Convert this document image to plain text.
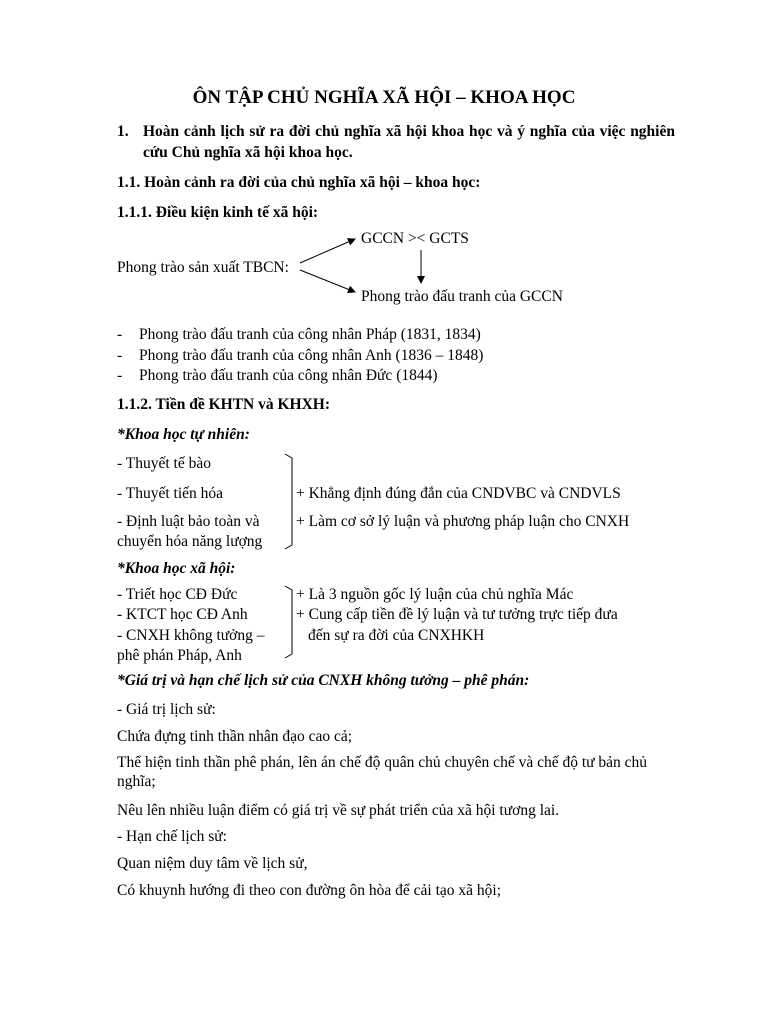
ÔN TẬP CHỦ NGHĨA XÃ HỘI – KHOA HỌC
1. Hoàn cảnh lịch sử ra đời chủ nghĩa xã hội khoa học và ý nghĩa của việc nghiên cứu Chủ nghĩa xã hội khoa học.
1.1. Hoàn cảnh ra đời của chủ nghĩa xã hội – khoa học:
1.1.1. Điều kiện kinh tế xã hội:
GCCN >< GCTS
Phong trào sản xuất TBCN:
Phong trào đấu tranh của GCCN
- Phong trào đấu tranh của công nhân Pháp (1831, 1834)
- Phong trào đấu tranh của công nhân Anh (1836 – 1848)
- Phong trào đấu tranh của công nhân Đức (1844)
1.1.2. Tiền đề KHTN và KHXH:
*Khoa học tự nhiên:
- Thuyết tế bào
- Thuyết tiến hóa
- Định luật bảo toàn và
chuyển hóa năng lượng
+ Khẳng định đúng đắn của CNDVBC và CNDVLS
+ Làm cơ sở lý luận và phương pháp luận cho CNXH
*Khoa học xã hội:
- Triết học CĐ Đức
- KTCT học CĐ Anh
- CNXH không tưởng –
phê phán Pháp, Anh
+ Là 3 nguồn gốc lý luận của chủ nghĩa Mác
+ Cung cấp tiền đề lý luận và tư tưởng trực tiếp đưa
đến sự ra đời của CNXHKH
*Giá trị và hạn chế lịch sử của CNXH không tưởng – phê phán:
- Giá trị lịch sử:
Chứa đựng tinh thần nhân đạo cao cả;
Thể hiện tinh thần phê phán, lên án chế độ quân chủ chuyên chế và chế độ tư bản chủ nghĩa;
Nêu lên nhiều luận điểm có giá trị về sự phát triển của xã hội tương lai.
- Hạn chế lịch sử:
Quan niệm duy tâm về lịch sử,
Có khuynh hướng đi theo con đường ôn hòa để cải tạo xã hội;
